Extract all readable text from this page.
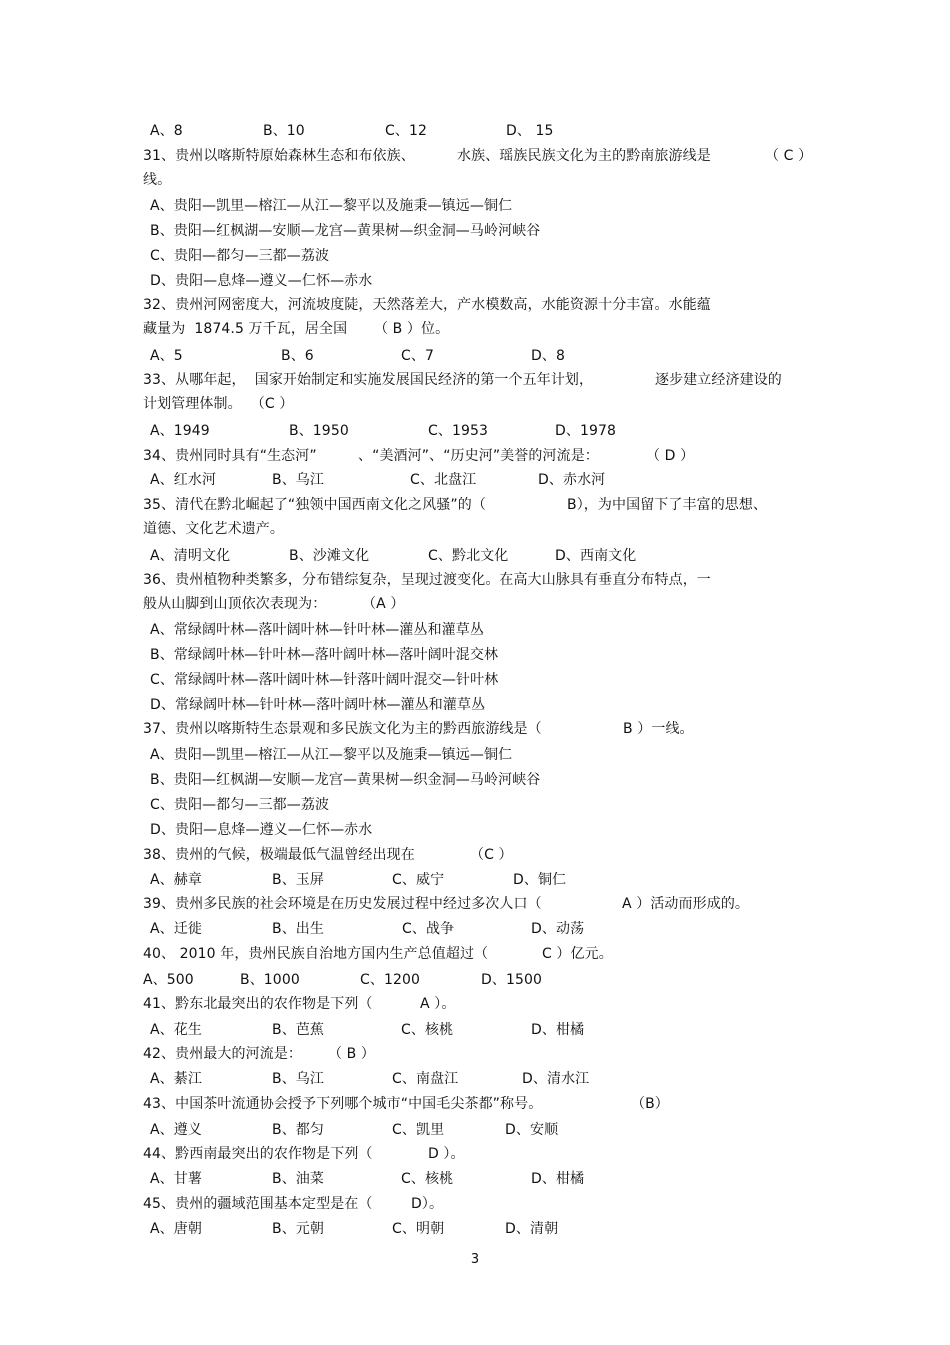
A、8	B、10	C、12	D、 15
31、贵州以喀斯特原始森林生态和布依族、	水族、瑶族民族文化为主的黔南旅游线是	（ C ）
线。
A、贵阳—凯里—榕江—从江—黎平以及施秉—镇远—铜仁
B、贵阳—红枫湖—安顺—龙宫—黄果树—织金洞—马岭河峡谷
C、贵阳—都匀—三都—荔波
D、贵阳—息烽—遵义—仁怀—赤水
32、贵州河网密度大，河流坡度陡，天然落差大，产水模数高，水能资源十分丰富。水能蕴
藏量为  1874.5 万千瓦，居全国 （ B ）位。
A、5	B、6	C、7	D、8
33、从哪年起，  国家开始制定和实施发展国民经济的第一个五年计划，	逐步建立经济建设的
计划管理体制。  （C ）
A、1949	B、1950	C、1953	D、1978
34、贵州同时具有“生态河”	、“美酒河”、“历史河”美誉的河流是：	（ D ）
A、红水河	B、乌江	C、北盘江	D、赤水河
35、清代在黔北崛起了“独领中国西南文化之风骚”的（	B），为中国留下了丰富的思想、
道德、文化艺术遗产。
A、清明文化	B、沙滩文化	C、黔北文化	D、西南文化
36、贵州植物种类繁多，分布错综复杂，呈现过渡变化。在高大山脉具有垂直分布特点，一
般从山脚到山顶依次表现为：	（A ）
A、常绿阔叶林—落叶阔叶林—针叶林—灌丛和灌草丛
B、常绿阔叶林—针叶林—落叶阔叶林—落叶阔叶混交林
C、常绿阔叶林—落叶阔叶林—针落叶阔叶混交—针叶林
D、常绿阔叶林—针叶林—落叶阔叶林—灌丛和灌草丛
37、贵州以喀斯特生态景观和多民族文化为主的黔西旅游线是（	B ）一线。
A、贵阳—凯里—榕江—从江—黎平以及施秉—镇远—铜仁
B、贵阳—红枫湖—安顺—龙宫—黄果树—织金洞—马岭河峡谷
C、贵阳—都匀—三都—荔波
D、贵阳—息烽—遵义—仁怀—赤水
38、贵州的气候，极端最低气温曾经出现在	（C ）
A、赫章	B、玉屏	C、威宁	D、铜仁
39、贵州多民族的社会环境是在历史发展过程中经过多次人口（	A ）活动而形成的。
A、迁徙	B、出生	C、战争	D、动荡
40、 2010 年，贵州民族自治地方国内生产总值超过（	C ）亿元。
A、500	B、1000	C、1200	D、1500
41、黔东北最突出的农作物是下列（	A ）。
A、花生	B、芭蕉	C、核桃	D、柑橘
42、贵州最大的河流是： （ B ）
A、綦江	B、乌江	C、南盘江	D、清水江
43、中国茶叶流通协会授予下列哪个城市“中国毛尖茶都”称号。	（B）
A、遵义	B、都匀	C、凯里	D、安顺
44、黔西南最突出的农作物是下列（	D ）。
A、甘薯	B、油菜	C、核桃	D、柑橘
45、贵州的疆域范围基本定型是在（	D）。
A、唐朝	B、元朝	C、明朝	D、清朝
3
